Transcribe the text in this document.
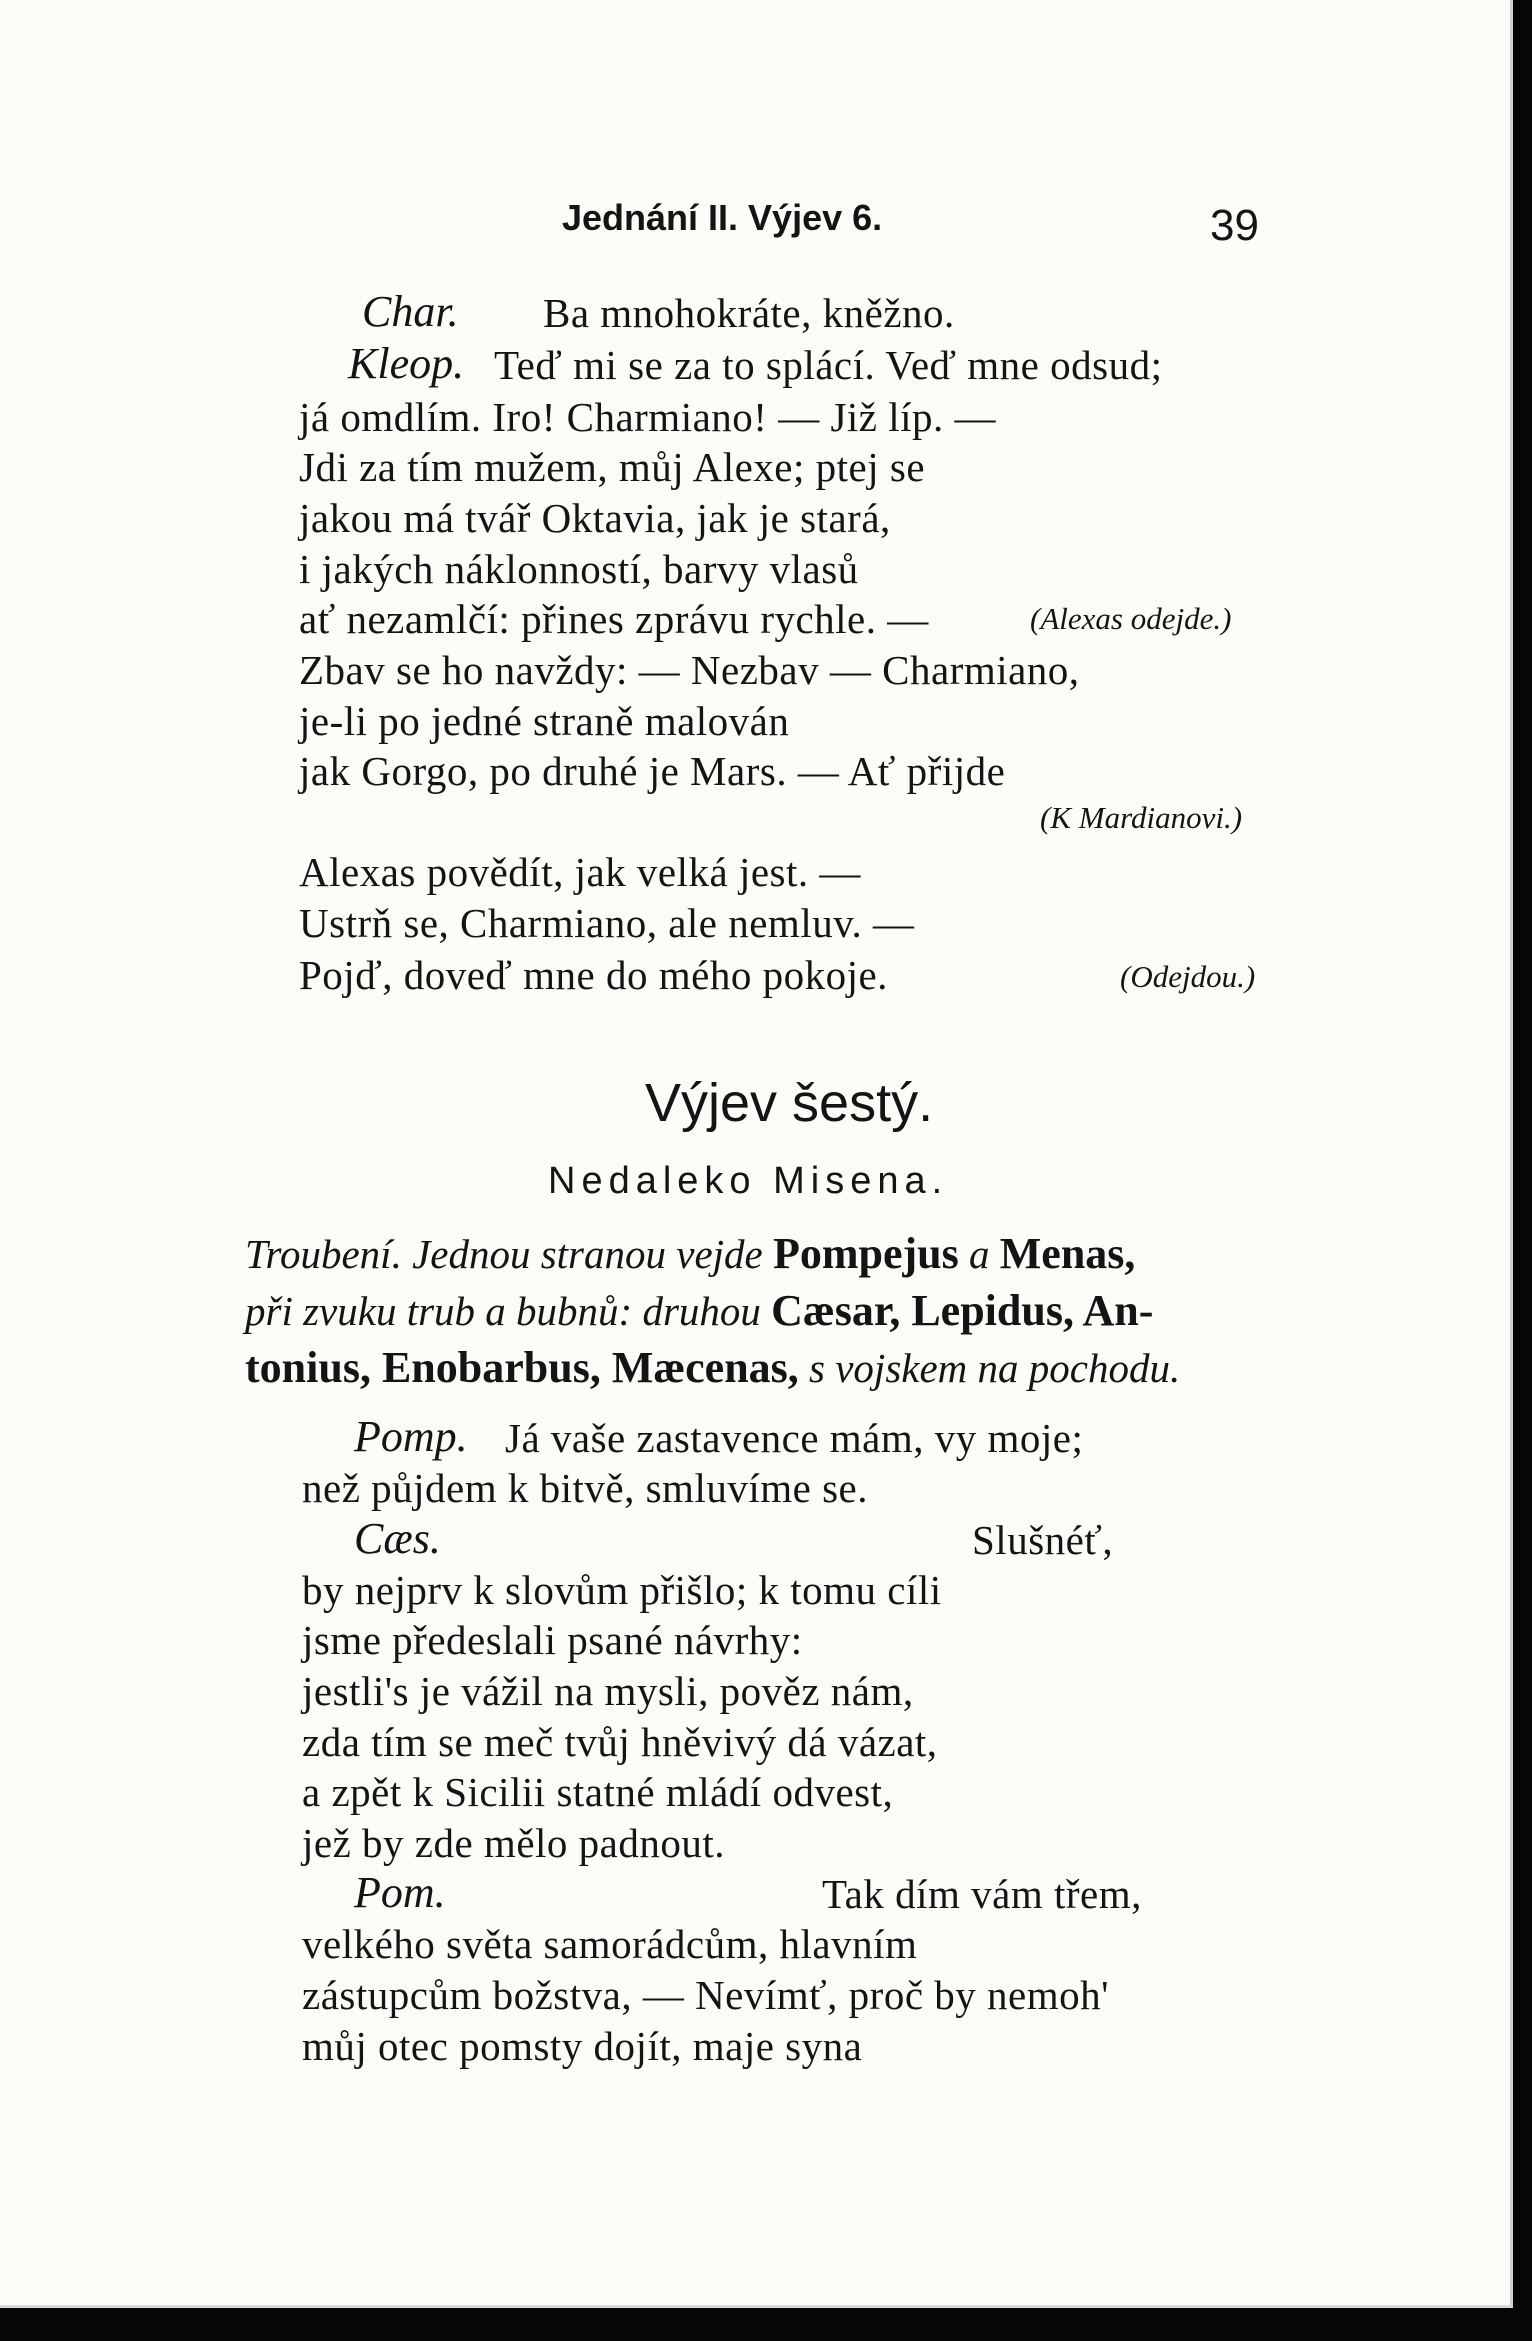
Jednání II. Výjev 6.	39
Char. Ba mnohokráte, kněžno.
Kleop. Teď mi se za to splácí. Veď mne odsud;
já omdlím. Iro! Charmiano! — Již líp. —
Jdi za tím mužem, můj Alexe; ptej se
jakou má tvář Oktavia, jak je stará,
i jakých náklonností, barvy vlasů
ať nezamlčí: přines zprávu rychle. —	(Alexas odejde.)
Zbav se ho navždy: — Nezbav — Charmiano,
je-li po jedné straně malován
jak Gorgo, po druhé je Mars. — Ať přijde
(K Mardianovi.)
Alexas povědít, jak velká jest. —
Ustrň se, Charmiano, ale nemluv. —
Pojď, doveď mne do mého pokoje.	(Odejdou.)
Výjev šestý.
Nedaleko Misena.
Troubení. Jednou stranou vejde Pompejus a Menas,
při zvuku trub a bubnů: druhou Cæsar, Lepidus, An-
tonius, Enobarbus, Mæcenas, s vojskem na pochodu.
Pomp. Já vaše zastavence mám, vy moje;
než půjdem k bitvě, smluvíme se.
Cæs.	Slušnéť,
by nejprv k slovům přišlo; k tomu cíli
jsme předeslali psané návrhy:
jestli's je vážil na mysli, pověz nám,
zda tím se meč tvůj hněvivý dá vázat,
a zpět k Sicilii statné mládí odvest,
jež by zde mělo padnout.
Pom.	Tak dím vám třem,
velkého světa samorádcům, hlavním
zástupcům božstva, — Nevímť, proč by nemoh'
můj otec pomsty dojít, maje syna
